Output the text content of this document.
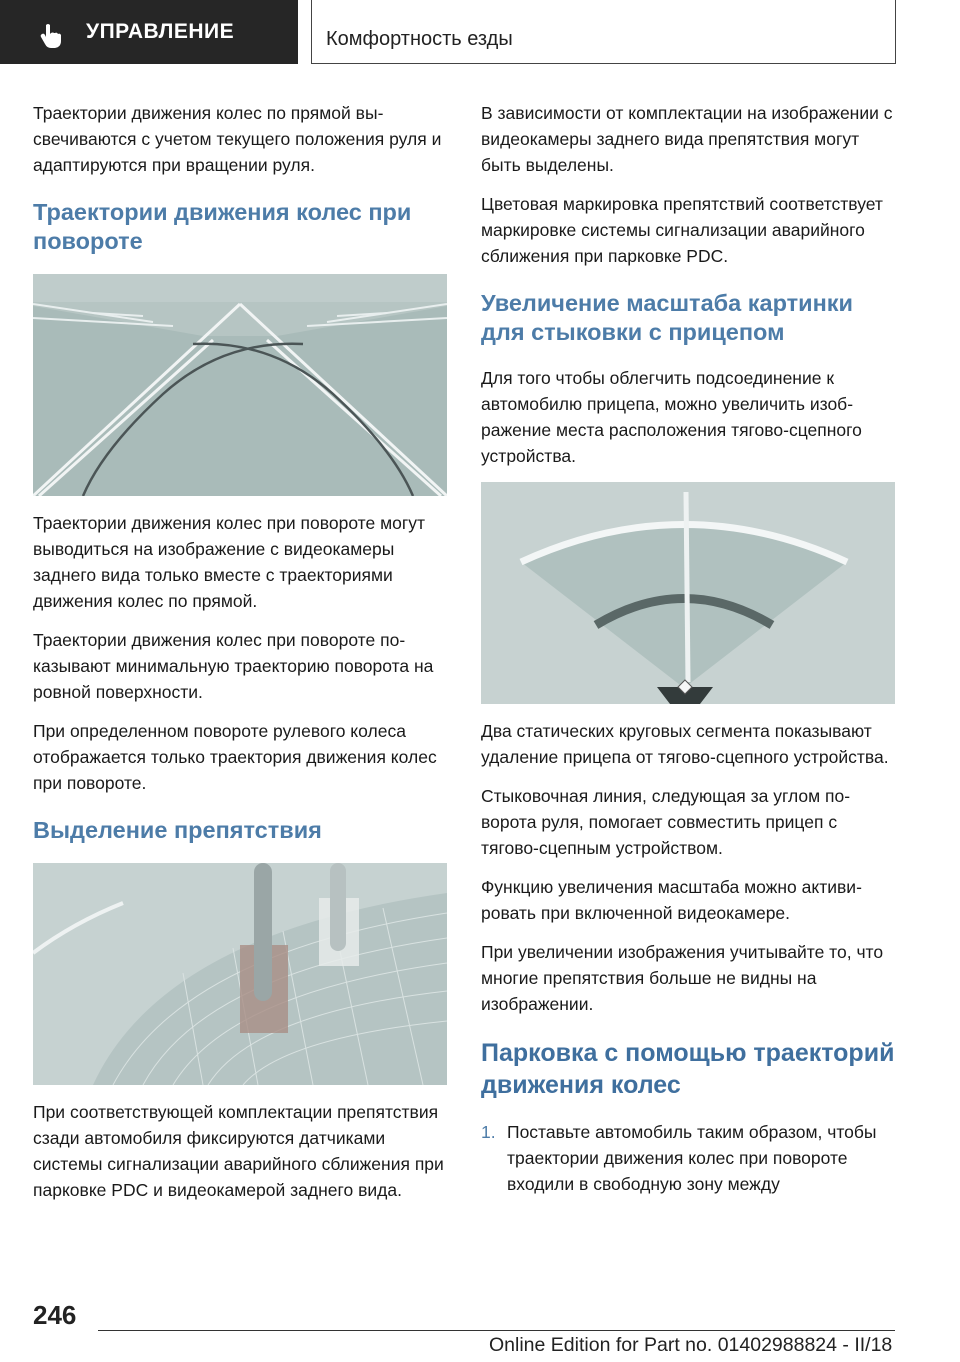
УПРАВЛЕНИЕ	Комфортность езды

Траектории движения колес по прямой высвечиваются с учетом текущего положения руля и адаптируются при вращении руля.

Траектории движения колес при повороте

Траектории движения колес при повороте могут выводиться на изображение с видеокамеры заднего вида только вместе с траекториями движения колес по прямой.

Траектории движения колес при повороте показывают минимальную траекторию поворота на ровной поверхности.

При определенном повороте рулевого колеса отображается только траектория движения колес при повороте.

Выделение препятствия

При соответствующей комплектации препятствия сзади автомобиля фиксируются датчиками системы сигнализации аварийного сближения при парковке PDC и видеокамерой заднего вида.

В зависимости от комплектации на изображении с видеокамеры заднего вида препятствия могут быть выделены.

Цветовая маркировка препятствий соответствует маркировке системы сигнализации аварийного сближения при парковке PDC.

Увеличение масштаба картинки для стыковки с прицепом

Для того чтобы облегчить подсоединение к автомобилю прицепа, можно увеличить изображение места расположения тягово-сцепного устройства.

Два статических круговых сегмента показывают удаление прицепа от тягово-сцепного устройства.

Стыковочная линия, следующая за углом поворота руля, помогает совместить прицеп с тягово-сцепным устройством.

Функцию увеличения масштаба можно активировать при включенной видеокамере.

При увеличении изображения учитывайте то, что многие препятствия больше не видны на изображении.

Парковка с помощью траекторий движения колес
1. Поставьте автомобиль таким образом, чтобы траектории движения колес при повороте входили в свободную зону между
246
Online Edition for Part no. 01402988824 - II/18
